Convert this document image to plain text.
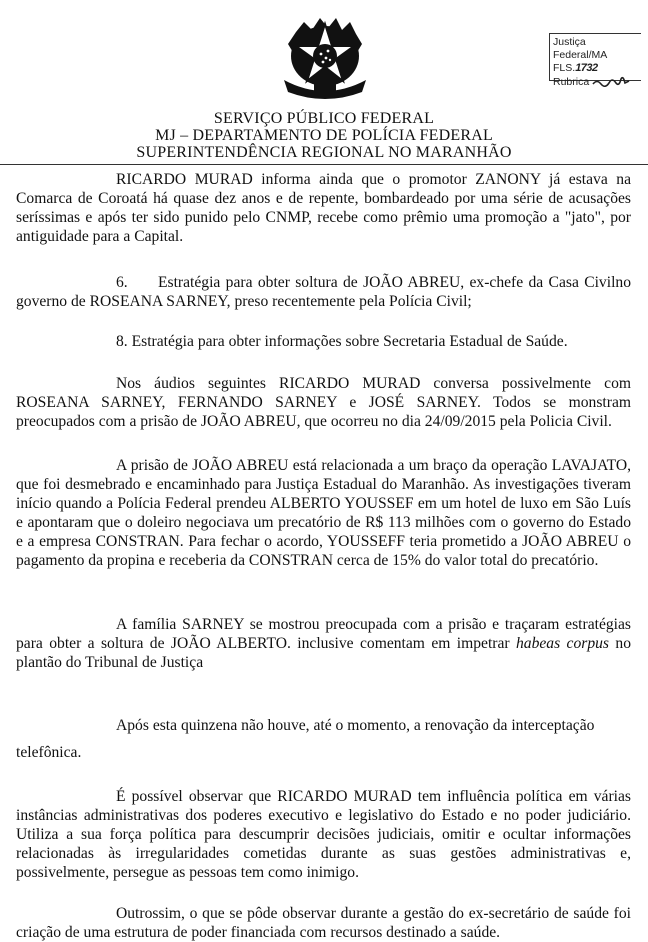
Justiça Federal/MA
FLS.1732
Rubrica
SERVIÇO PÚBLICO FEDERAL
MJ – DEPARTAMENTO DE POLÍCIA FEDERAL
SUPERINTENDÊNCIA REGIONAL NO MARANHÃO

RICARDO MURAD informa ainda que o promotor ZANONY já estava na Comarca de Coroatá há quase dez anos e de repente, bombardeado por uma série de acusações seríssimas e após ter sido punido pelo CNMP, recebe como prêmio uma promoção a "jato", por antiguidade para a Capital.

6. Estratégia para obter soltura de JOÃO ABREU, ex-chefe da Casa Civilno governo de ROSEANA SARNEY, preso recentemente pela Polícia Civil;

8. Estratégia para obter informações sobre Secretaria Estadual de Saúde.

Nos áudios seguintes RICARDO MURAD conversa possivelmente com ROSEANA SARNEY, FERNANDO SARNEY e JOSÉ SARNEY. Todos se monstram preocupados com a prisão de JOÃO ABREU, que ocorreu no dia 24/09/2015 pela Policia Civil.

A prisão de JOÃO ABREU está relacionada a um braço da operação LAVAJATO, que foi desmebrado e encaminhado para Justiça Estadual do Maranhão. As investigações tiveram início quando a Polícia Federal prendeu ALBERTO YOUSSEF em um hotel de luxo em São Luís e apontaram que o doleiro negociava um precatório de R$ 113 milhões com o governo do Estado e a empresa CONSTRAN. Para fechar o acordo, YOUSSEFF teria prometido a JOÃO ABREU o pagamento da propina e receberia da CONSTRAN cerca de 15% do valor total do precatório.

A família SARNEY se mostrou preocupada com a prisão e traçaram estratégias para obter a soltura de JOÃO ALBERTO. inclusive comentam em impetrar habeas corpus no plantão do Tribunal de Justiça

Após esta quinzena não houve, até o momento, a renovação da interceptação
telefônica.

É possível observar que RICARDO MURAD tem influência política em várias instâncias administrativas dos poderes executivo e legislativo do Estado e no poder judiciário. Utiliza a sua força política para descumprir decisões judiciais, omitir e ocultar informações relacionadas às irregularidades cometidas durante as suas gestões administrativas e, possivelmente, persegue as pessoas tem como inimigo.

Outrossim, o que se pôde observar durante a gestão do ex-secretário de saúde foi criação de uma estrutura de poder financiada com recursos destinado a saúde.
